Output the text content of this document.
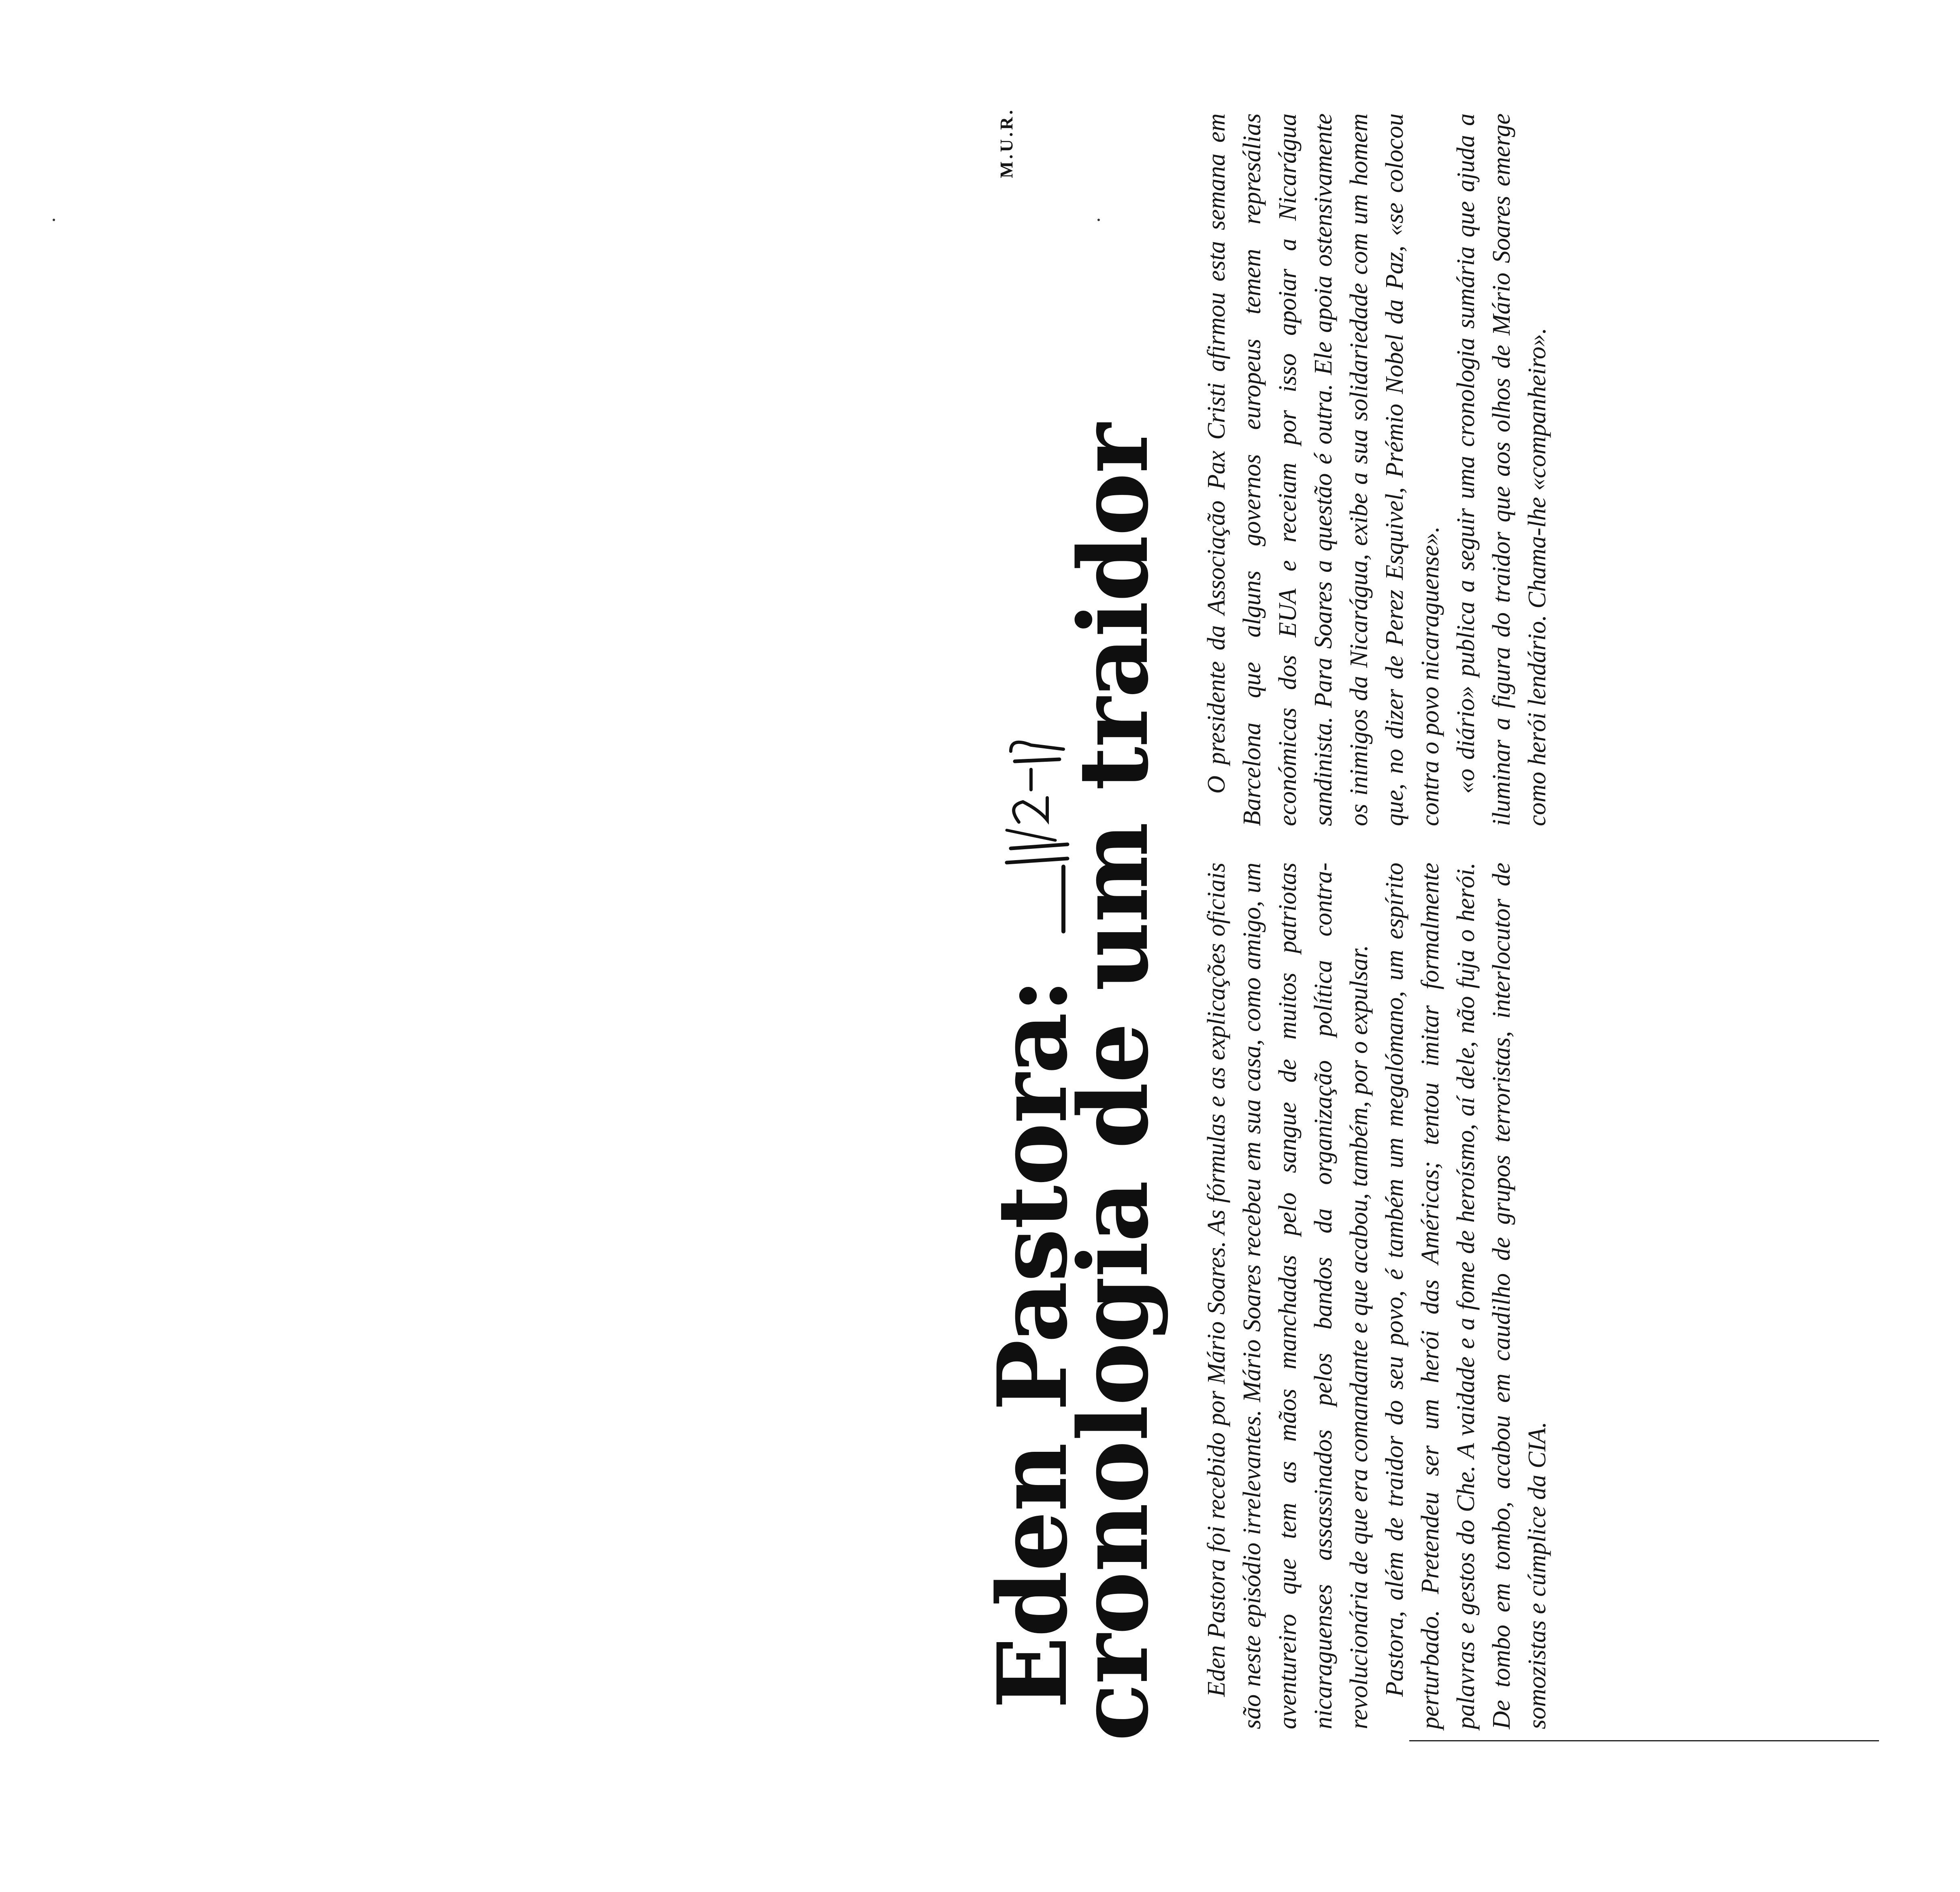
Eden Pastora:
cronologia de um traidor Eden Pastora foi recebido por Mário Soares. As fórmulas e as explicações oficiais são neste episódio irrelevantes. Mário Soares recebeu em sua casa, como amigo, um aventureiro que tem as mãos manchadas pelo sangue de muitos patriotas nicaraguenses assassinados pelos bandos da organização política contra-revolucionária de que era comandante e que acabou, também, por o expulsar. Pastora, além de traidor do seu povo, é também um megalómano, um espírito perturbado. Pretendeu ser um herói das Américas; tentou imitar formalmente palavras e gestos do Che. A vaidade e a fome de heroísmo, aí dele, não fuja o herói. De tombo em tombo, acabou em caudilho de grupos terroristas, interlocutor de somozistas e cúmplice da CIA.

O presidente da Associação Pax Cristi afirmou esta semana em Barcelona que alguns governos europeus temem represálias económicas dos EUA e receiam por isso apoiar a Nicarágua sandinista. Para Soares a questão é outra. Ele apoia ostensivamente os inimigos da Nicarágua, exibe a sua solidariedade com um homem que, no dizer de Perez Esquivel, Prémio Nobel da Paz, «se colocou contra o povo nicaraguense». «o diário» publica a seguir uma cronologia sumária que ajuda a iluminar a figura do traidor que aos olhos de Mário Soares emerge como herói lendário. Chama-lhe «companheiro».

M.U.R.
